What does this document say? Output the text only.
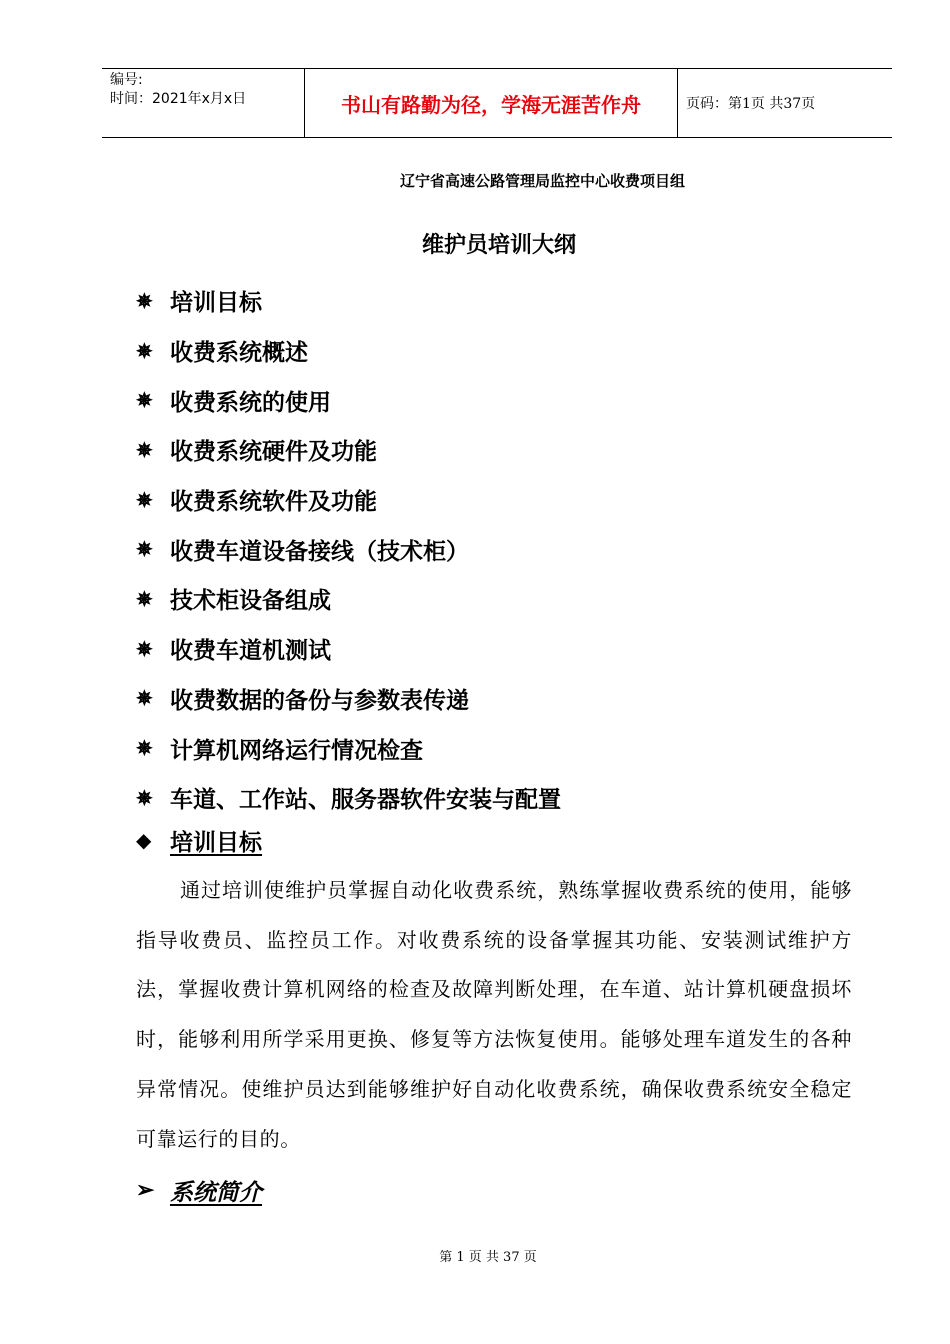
编号:
时间：2021年x月x日	书山有路勤为径，学海无涯苦作舟	页码：第1页 共37页
辽宁省高速公路管理局监控中心收费项目组
维护员培训大纲
✵ 培训目标
✵ 收费系统概述
✵ 收费系统的使用
✵ 收费系统硬件及功能
✵ 收费系统软件及功能
✵ 收费车道设备接线（技术柜）
✵ 技术柜设备组成
✵ 收费车道机测试
✵ 收费数据的备份与参数表传递
✵ 计算机网络运行情况检查
✵ 车道、工作站、服务器软件安装与配置
◆ 培训目标
通过培训使维护员掌握自动化收费系统，熟练掌握收费系统的使用，能够指导收费员、监控员工作。对收费系统的设备掌握其功能、安装测试维护方法，掌握收费计算机网络的检查及故障判断处理，在车道、站计算机硬盘损坏时，能够利用所学采用更换、修复等方法恢复使用。能够处理车道发生的各种异常情况。使维护员达到能够维护好自动化收费系统，确保收费系统安全稳定可靠运行的目的。
➢ 系统简介
第 1 页 共 37 页
